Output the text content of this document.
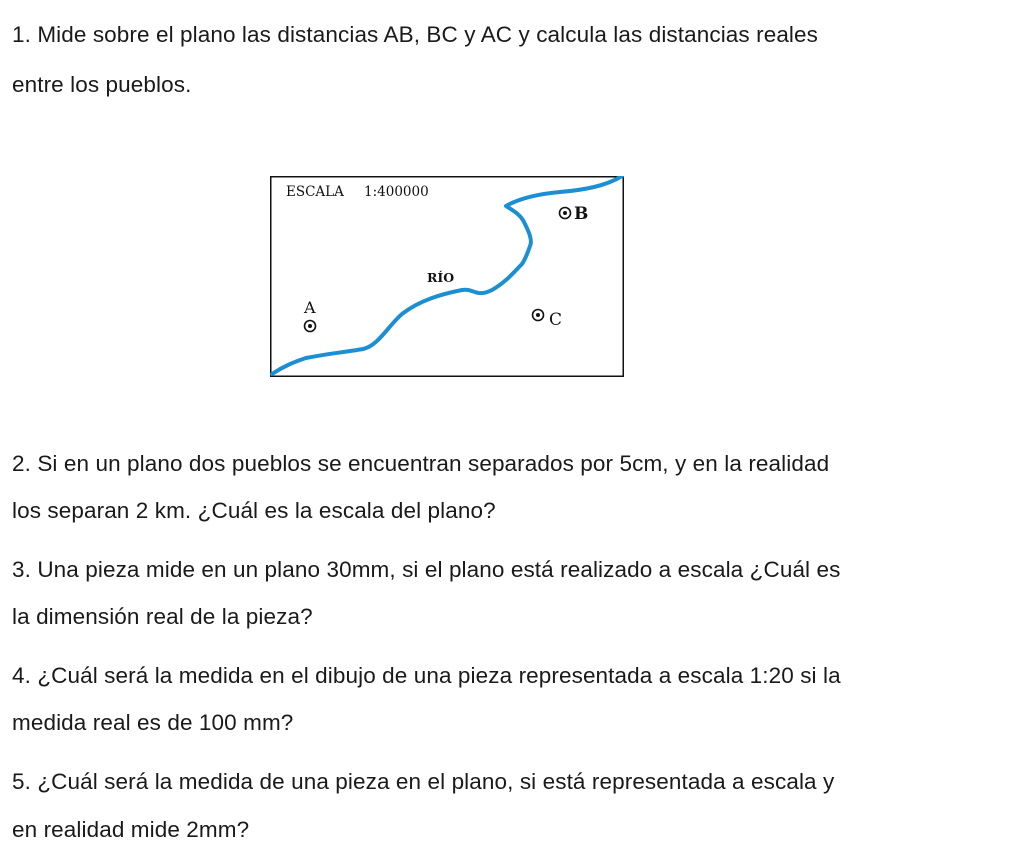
1. Mide sobre el plano las distancias AB, BC y AC y calcula las distancias reales
entre los pueblos.
ESCALA 1:400000
RÍO
B
A
C
2. Si en un plano dos pueblos se encuentran separados por 5cm, y en la realidad
los separan 2 km. ¿Cuál es la escala del plano?
3. Una pieza mide en un plano 30mm, si el plano está realizado a escala ¿Cuál es
la dimensión real de la pieza?
4. ¿Cuál será la medida en el dibujo de una pieza representada a escala 1:20 si la
medida real es de 100 mm?
5. ¿Cuál será la medida de una pieza en el plano, si está representada a escala y
en realidad mide 2mm?
